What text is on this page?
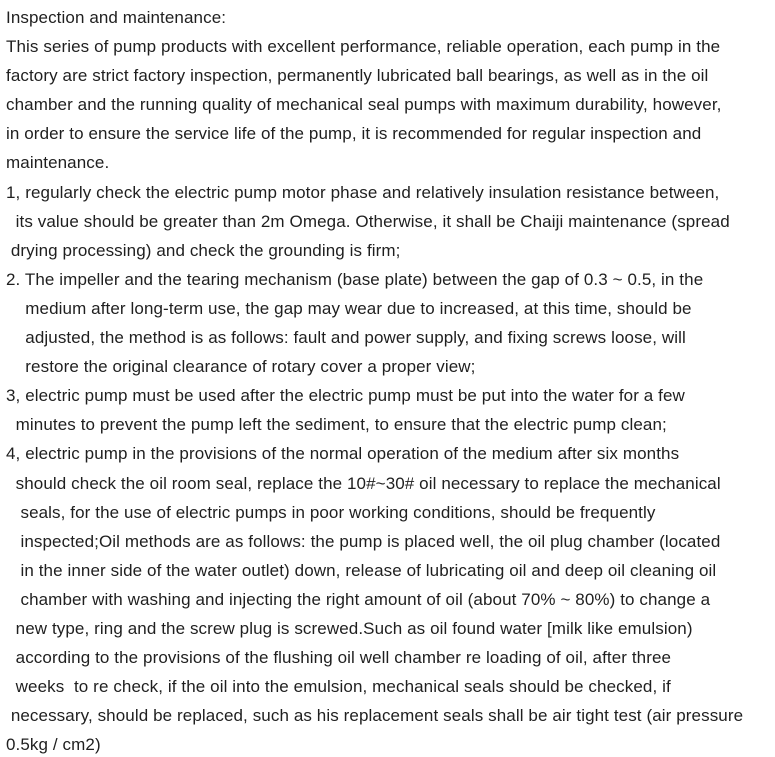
Inspection and maintenance:
This series of pump products with excellent performance, reliable operation, each pump in the
factory are strict factory inspection, permanently lubricated ball bearings, as well as in the oil
chamber and the running quality of mechanical seal pumps with maximum durability, however,
in order to ensure the service life of the pump, it is recommended for regular inspection and
maintenance.
1, regularly check the electric pump motor phase and relatively insulation resistance between,
its value should be greater than 2m Omega. Otherwise, it shall be Chaiji maintenance (spread
drying processing) and check the grounding is firm;
2. The impeller and the tearing mechanism (base plate) between the gap of 0.3 ~ 0.5, in the
medium after long-term use, the gap may wear due to increased, at this time, should be
adjusted, the method is as follows: fault and power supply, and fixing screws loose, will
restore the original clearance of rotary cover a proper view;
3, electric pump must be used after the electric pump must be put into the water for a few
minutes to prevent the pump left the sediment, to ensure that the electric pump clean;
4, electric pump in the provisions of the normal operation of the medium after six months
should check the oil room seal, replace the 10#~30# oil necessary to replace the mechanical
seals, for the use of electric pumps in poor working conditions, should be frequently
inspected;Oil methods are as follows: the pump is placed well, the oil plug chamber (located
in the inner side of the water outlet) down, release of lubricating oil and deep oil cleaning oil
chamber with washing and injecting the right amount of oil (about 70% ~ 80%) to change a
new type, ring and the screw plug is screwed.Such as oil found water [milk like emulsion)
according to the provisions of the flushing oil well chamber re loading of oil, after three
weeks  to re check, if the oil into the emulsion, mechanical seals should be checked, if
necessary, should be replaced, such as his replacement seals shall be air tight test (air pressure
0.5kg / cm2)
